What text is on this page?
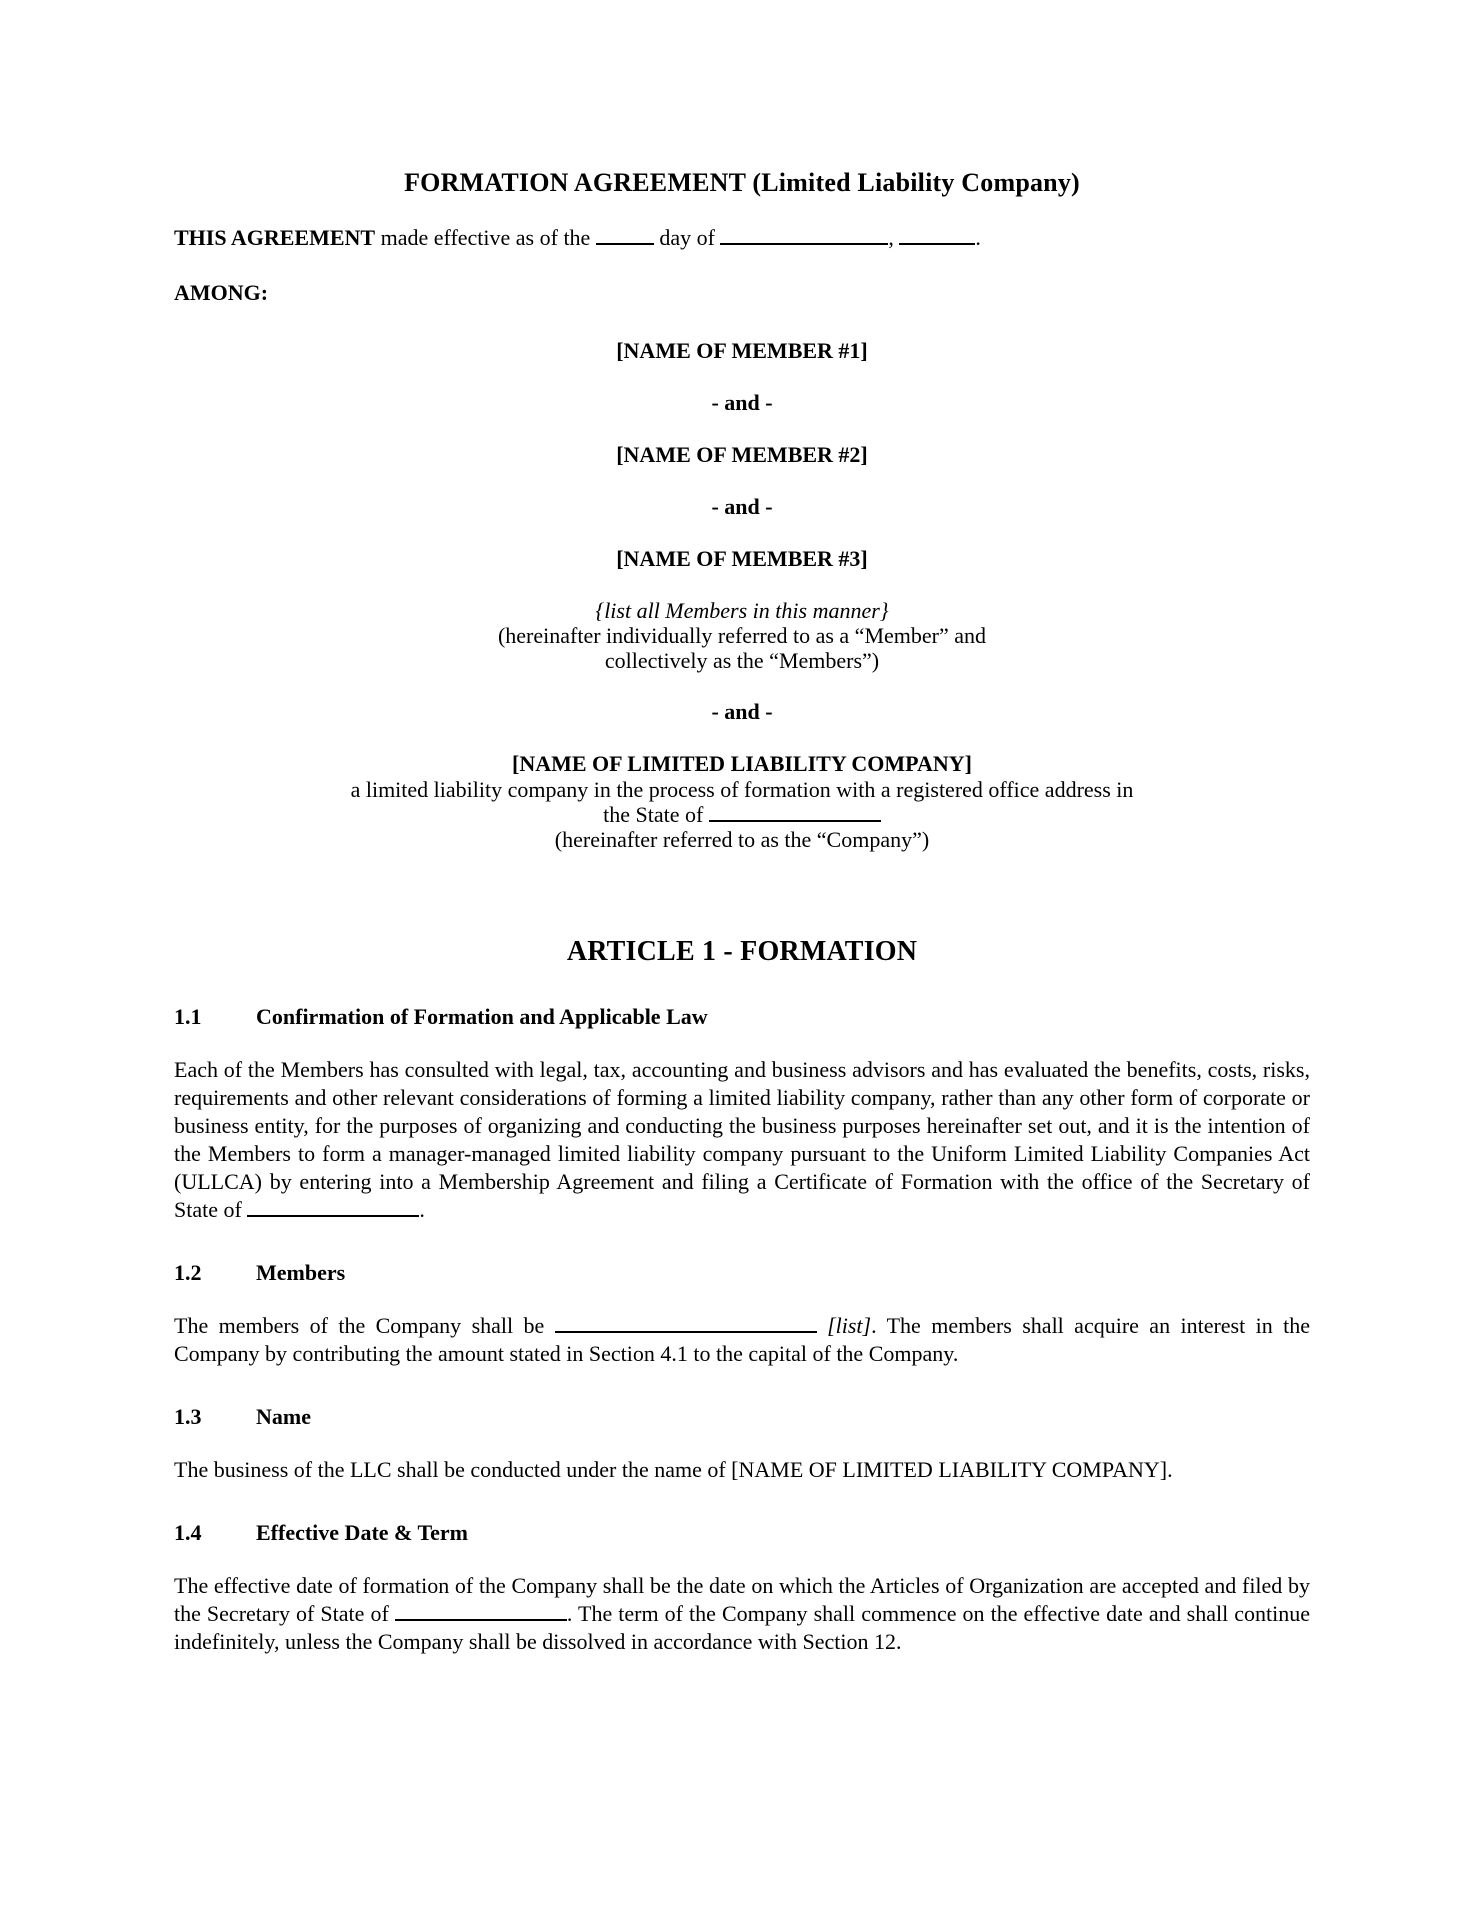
FORMATION AGREEMENT (Limited Liability Company)

THIS AGREEMENT made effective as of the	day of	,	.

AMONG:

[NAME OF MEMBER #1]

- and -

[NAME OF MEMBER #2]

- and -

[NAME OF MEMBER #3]

{list all Members in this manner}

(hereinafter individually referred to as a “Member” and

collectively as the “Members”)

- and -

[NAME OF LIMITED LIABILITY COMPANY]

a limited liability company in the process of formation with a registered office address in

the State of

(hereinafter referred to as the “Company”)

ARTICLE 1 - FORMATION

1.1 Confirmation of Formation and Applicable Law

Each of the Members has consulted with legal, tax, accounting and business advisors and has evaluated the benefits, costs, risks, requirements and other relevant considerations of forming a limited liability company, rather than any other form of corporate or business entity, for the purposes of organizing and conducting the business purposes hereinafter set out, and it is the intention of the Members to form a manager-managed limited liability company pursuant to the Uniform Limited Liability Companies Act (ULLCA) by entering into a Membership Agreement and filing a Certificate of Formation with the office of the Secretary of State of	.

1.2 Members

The members of the Company shall be	[list]. The members shall acquire an interest in the Company by contributing the amount stated in Section 4.1 to the capital of the Company.

1.3 Name

The business of the LLC shall be conducted under the name of [NAME OF LIMITED LIABILITY COMPANY].

1.4 Effective Date & Term

The effective date of formation of the Company shall be the date on which the Articles of Organization are accepted and filed by the Secretary of State of	. The term of the Company shall commence on the effective date and shall continue indefinitely, unless the Company shall be dissolved in accordance with Section 12.
